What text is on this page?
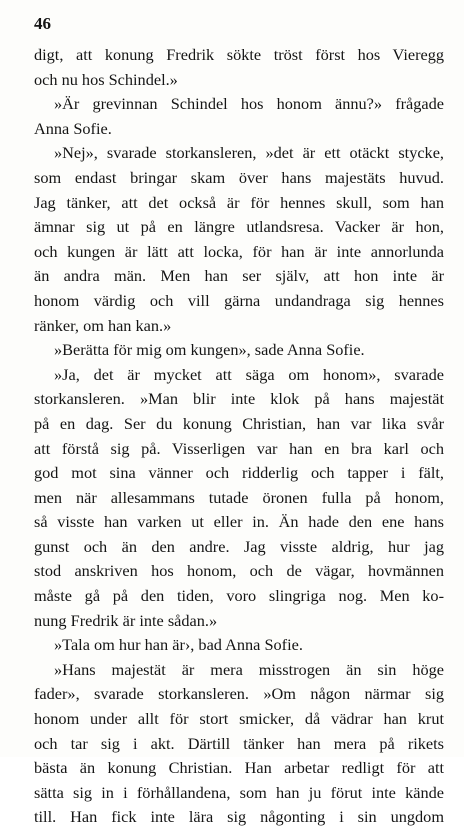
46
digt, att konung Fredrik sökte tröst först hos Vieregg
och nu hos Schindel.»
»Är grevinnan Schindel hos honom ännu?» frågade
Anna Sofie.
»Nej», svarade storkansleren, »det är ett otäckt stycke,
som endast bringar skam över hans majestäts huvud.
Jag tänker, att det också är för hennes skull, som han
ämnar sig ut på en längre utlandsresa. Vacker är hon,
och kungen är lätt att locka, för han är inte annorlunda
än andra män. Men han ser själv, att hon inte är
honom värdig och vill gärna undandraga sig hennes
ränker, om han kan.»
»Berätta för mig om kungen», sade Anna Sofie.
»Ja, det är mycket att säga om honom», svarade
storkansleren. »Man blir inte klok på hans majestät
på en dag. Ser du konung Christian, han var lika svår
att förstå sig på. Visserligen var han en bra karl och
god mot sina vänner och ridderlig och tapper i fält,
men när allesammans tutade öronen fulla på honom,
så visste han varken ut eller in. Än hade den ene hans
gunst och än den andre. Jag visste aldrig, hur jag
stod anskriven hos honom, och de vägar, hovmännen
måste gå på den tiden, voro slingriga nog. Men ko-
nung Fredrik är inte sådan.»
»Tala om hur han är›, bad Anna Sofie.
»Hans majestät är mera misstrogen än sin höge
fader», svarade storkansleren. »Om någon närmar sig
honom under allt för stort smicker, då vädrar han krut
och tar sig i akt. Därtill tänker han mera på rikets
bästa än konung Christian. Han arbetar redligt för att
sätta sig in i förhållandena, som han ju förut inte kände
till. Han fick inte lära sig någonting i sin ungdom
